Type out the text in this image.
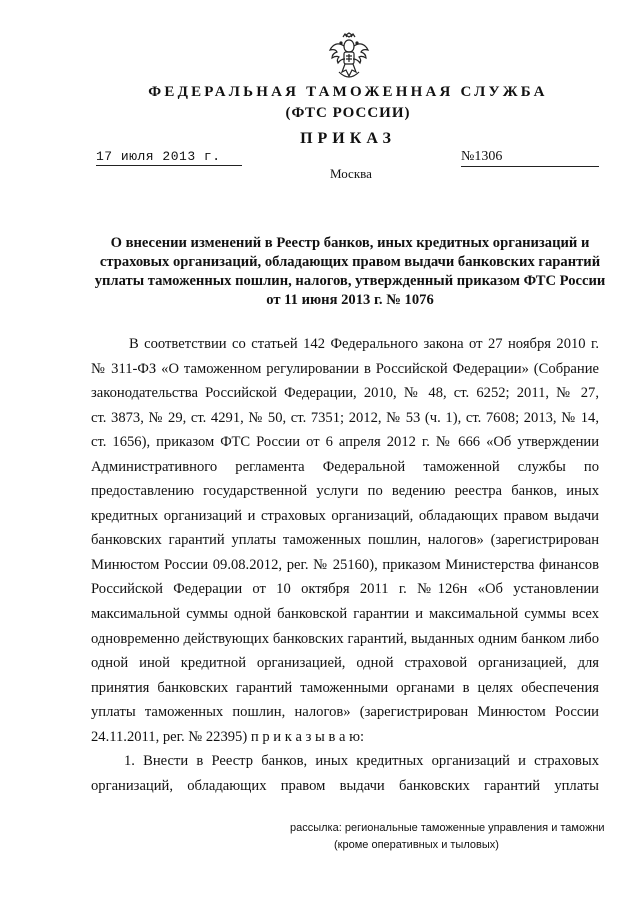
ФЕДЕРАЛЬНАЯ ТАМОЖЕННАЯ СЛУЖБА
(ФТС РОССИИ)
ПРИКАЗ
17 июля 2013 г.	№1306
Москва
О внесении изменений в Реестр банков, иных кредитных организаций и
страховых организаций, обладающих правом выдачи банковских гарантий
уплаты таможенных пошлин, налогов, утвержденный приказом ФТС России
от 11 июня 2013 г. № 1076
В соответствии со статьей 142 Федерального закона от 27 ноября 2010 г.
№ 311-ФЗ «О таможенном регулировании в Российской Федерации» (Собрание
законодательства Российской Федерации, 2010, № 48, ст. 6252; 2011, № 27,
ст. 3873, № 29, ст. 4291, № 50, ст. 7351; 2012, № 53 (ч. 1), ст. 7608; 2013, № 14,
ст. 1656), приказом ФТС России от 6 апреля 2012 г. № 666 «Об утверждении
Административного регламента Федеральной таможенной службы по
предоставлению государственной услуги по ведению реестра банков, иных
кредитных организаций и страховых организаций, обладающих правом выдачи
банковских гарантий уплаты таможенных пошлин, налогов» (зарегистрирован
Минюстом России 09.08.2012, рег. № 25160), приказом Министерства финансов
Российской Федерации от 10 октября 2011 г. №126н «Об установлении
максимальной суммы одной банковской гарантии и максимальной суммы всех
одновременно действующих банковских гарантий, выданных одним банком либо
одной иной кредитной организацией, одной страховой организацией, для
принятия банковских гарантий таможенными органами в целях обеспечения
уплаты таможенных пошлин, налогов» (зарегистрирован Минюстом России
24.11.2011, рег. № 22395) п р и к а з ы в а ю:
1. Внести в Реестр банков, иных кредитных организаций и страховых
организаций, обладающих правом выдачи банковских гарантий уплаты
рассылка: региональные таможенные управления и таможни
(кроме оперативных и тыловых)
